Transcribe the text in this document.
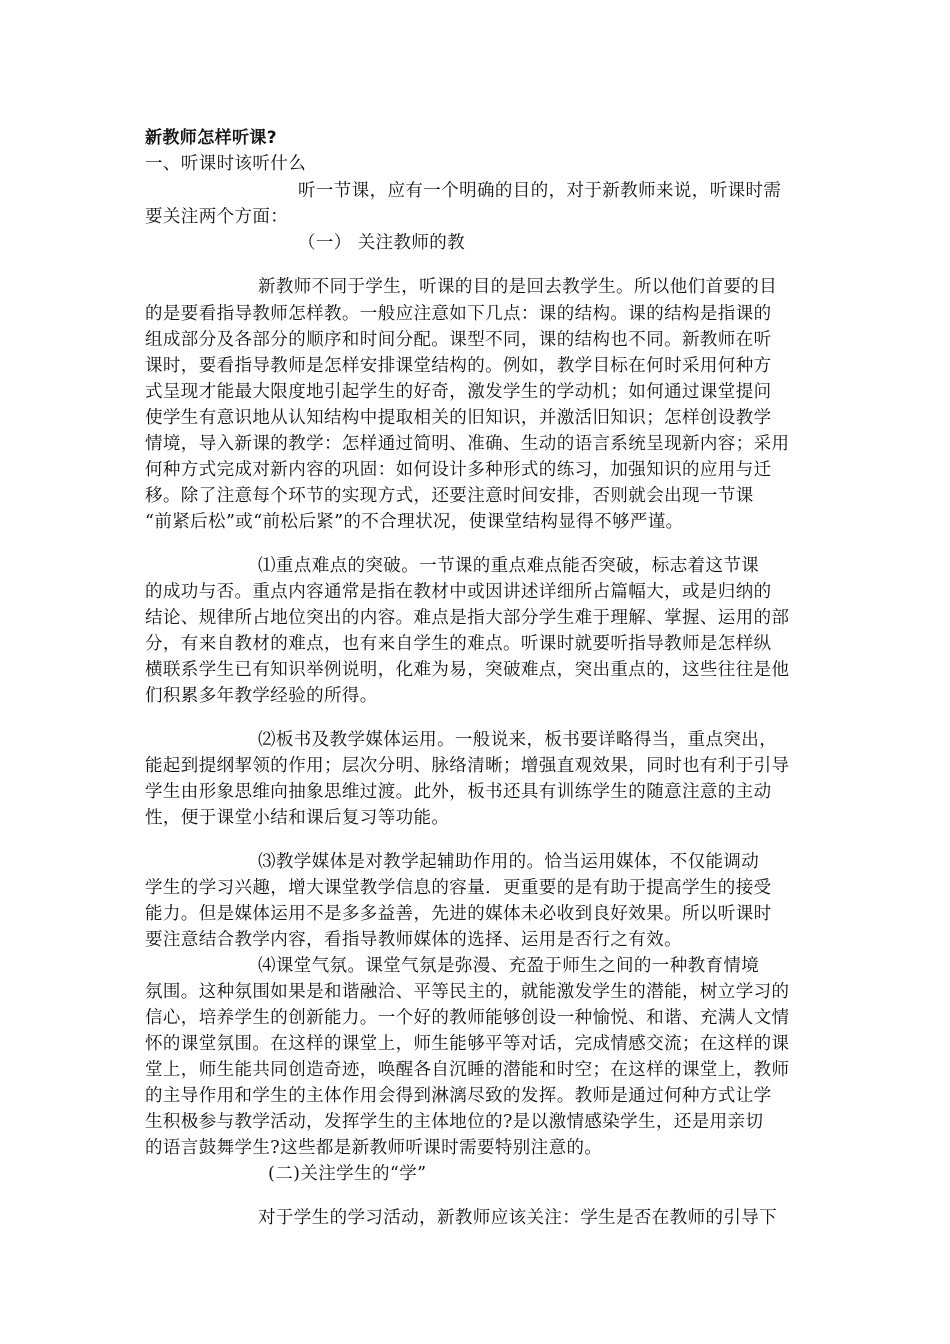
新教师怎样听课?
一、听课时该听什么
听一节课，应有一个明确的目的，对于新教师来说，听课时需
要关注两个方面：
（一） 关注教师的教
新教师不同于学生，听课的目的是回去教学生。所以他们首要的目
的是要看指导教师怎样教。一般应注意如下几点：课的结构。课的结构是指课的
组成部分及各部分的顺序和时间分配。课型不同，课的结构也不同。新教师在听
课时，要看指导教师是怎样安排课堂结构的。例如，教学目标在何时采用何种方
式呈现才能最大限度地引起学生的好奇，激发学生的学动机；如何通过课堂提问
使学生有意识地从认知结构中提取相关的旧知识，并激活旧知识；怎样创设教学
情境，导入新课的教学：怎样通过简明、准确、生动的语言系统呈现新内容；采用
何种方式完成对新内容的巩固：如何设计多种形式的练习，加强知识的应用与迁
移。除了注意每个环节的实现方式，还要注意时间安排，否则就会出现一节课
“前紧后松”或“前松后紧”的不合理状况，使课堂结构显得不够严谨。
⑴重点难点的突破。一节课的重点难点能否突破，标志着这节课
的成功与否。重点内容通常是指在教材中或因讲述详细所占篇幅大，或是归纳的
结论、规律所占地位突出的内容。难点是指大部分学生难于理解、掌握、运用的部
分，有来自教材的难点，也有来自学生的难点。听课时就要听指导教师是怎样纵
横联系学生已有知识举例说明，化难为易，突破难点，突出重点的，这些往往是他
们积累多年教学经验的所得。
⑵板书及教学媒体运用。一般说来，板书要详略得当，重点突出，
能起到提纲挈领的作用；层次分明、脉络清晰；增强直观效果，同时也有利于引导
学生由形象思维向抽象思维过渡。此外，板书还具有训练学生的随意注意的主动
性，便于课堂小结和课后复习等功能。
⑶教学媒体是对教学起辅助作用的。恰当运用媒体，不仅能调动
学生的学习兴趣，增大课堂教学信息的容量．更重要的是有助于提高学生的接受
能力。但是媒体运用不是多多益善，先进的媒体未必收到良好效果。所以听课时
要注意结合教学内容，看指导教师媒体的选择、运用是否行之有效。
⑷课堂气氛。课堂气氛是弥漫、充盈于师生之间的一种教育情境
氛围。这种氛围如果是和谐融洽、平等民主的，就能激发学生的潜能，树立学习的
信心，培养学生的创新能力。一个好的教师能够创设一种愉悦、和谐、充满人文情
怀的课堂氛围。在这样的课堂上，师生能够平等对话，完成情感交流；在这样的课
堂上，师生能共同创造奇迹，唤醒各自沉睡的潜能和时空；在这样的课堂上，教师
的主导作用和学生的主体作用会得到淋漓尽致的发挥。教师是通过何种方式让学
生积极参与教学活动，发挥学生的主体地位的?是以激情感染学生，还是用亲切
的语言鼓舞学生?这些都是新教师听课时需要特别注意的。
(二)关注学生的“学”
对于学生的学习活动，新教师应该关注：学生是否在教师的引导下
